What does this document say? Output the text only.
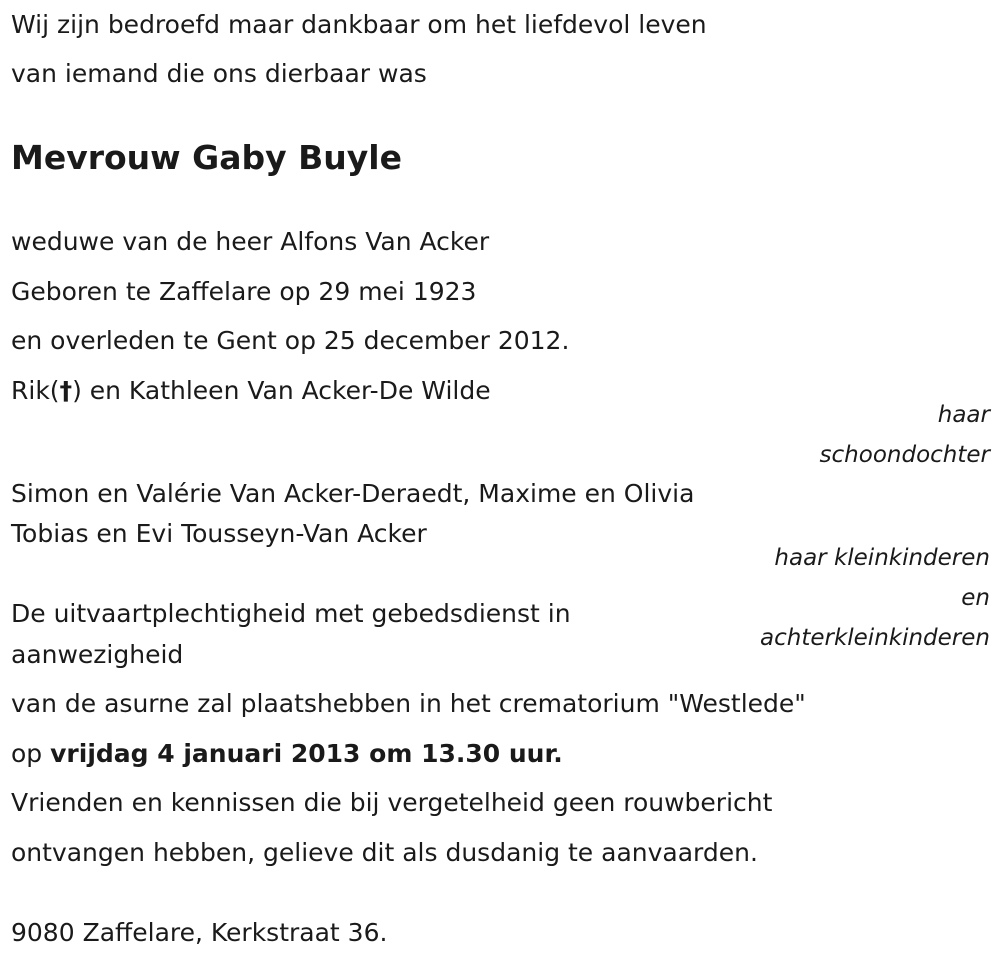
Wij zijn bedroefd maar dankbaar om het liefdevol leven

van iemand die ons dierbaar was

Mevrouw Gaby Buyle

weduwe van de heer Alfons Van Acker

Geboren te Zaffelare op 29 mei 1923

en overleden te Gent op 25 december 2012.

Rik(†) en Kathleen Van Acker-De Wilde

haar

schoondochter

Simon en Valérie Van Acker-Deraedt, Maxime en Olivia

Tobias en Evi Tousseyn-Van Acker

haar kleinkinderen

en

achterkleinkinderen

De uitvaartplechtigheid met gebedsdienst in

aanwezigheid

van de asurne zal plaatshebben in het crematorium "Westlede"

op vrijdag 4 januari 2013 om 13.30 uur.

Vrienden en kennissen die bij vergetelheid geen rouwbericht

ontvangen hebben, gelieve dit als dusdanig te aanvaarden.

9080 Zaffelare, Kerkstraat 36.
